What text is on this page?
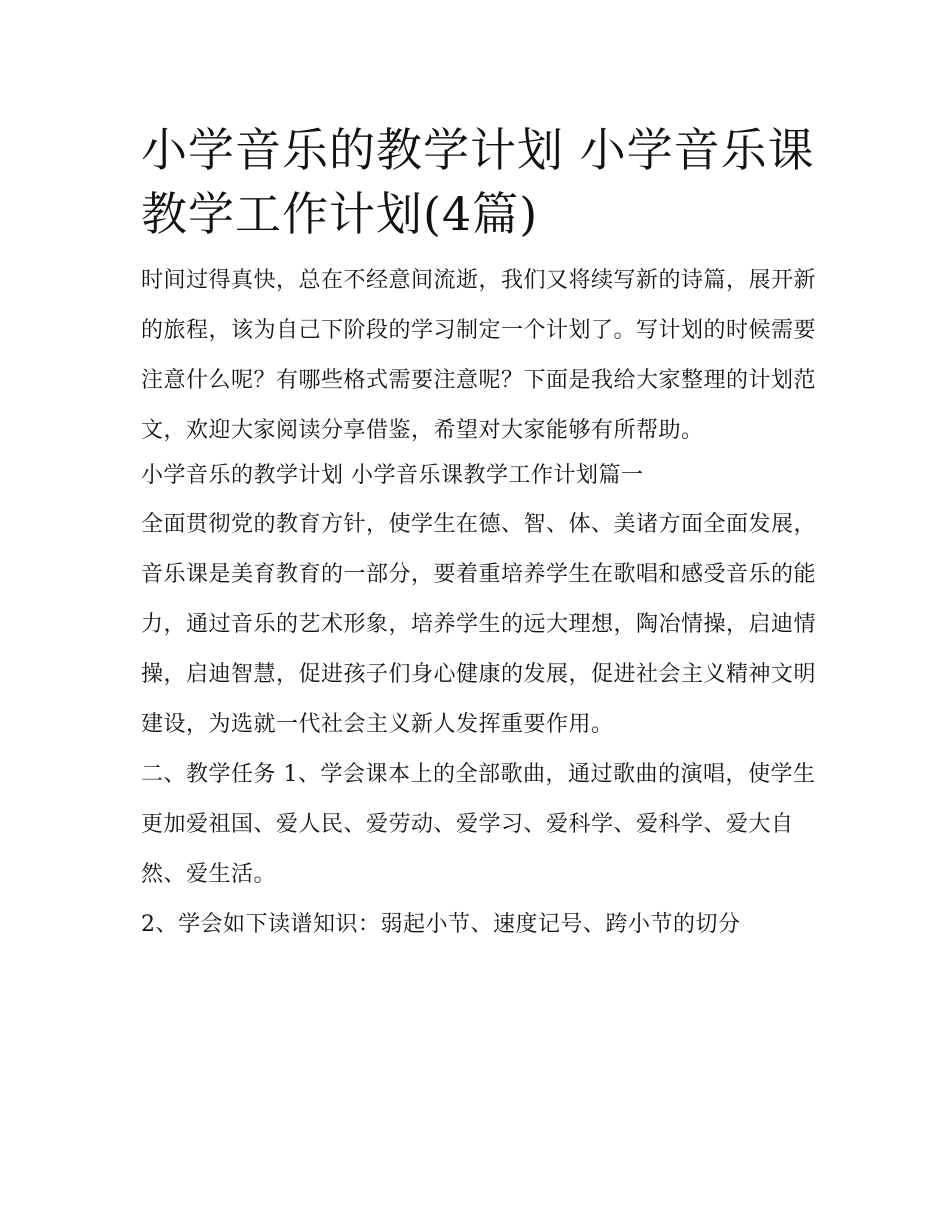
小学音乐的教学计划 小学音乐课教学工作计划(4篇)

时间过得真快，总在不经意间流逝，我们又将续写新的诗篇，展开新的旅程，该为自己下阶段的学习制定一个计划了。写计划的时候需要注意什么呢？有哪些格式需要注意呢？下面是我给大家整理的计划范文，欢迎大家阅读分享借鉴，希望对大家能够有所帮助。

小学音乐的教学计划 小学音乐课教学工作计划篇一

全面贯彻党的教育方针，使学生在德、智、体、美诸方面全面发展，音乐课是美育教育的一部分，要着重培养学生在歌唱和感受音乐的能力，通过音乐的艺术形象，培养学生的远大理想，陶冶情操，启迪情操，启迪智慧，促进孩子们身心健康的发展，促进社会主义精神文明建设，为选就一代社会主义新人发挥重要作用。

二、教学任务 1、学会课本上的全部歌曲，通过歌曲的演唱，使学生更加爱祖国、爱人民、爱劳动、爱学习、爱科学、爱科学、爱大自然、爱生活。

2、学会如下读谱知识：弱起小节、速度记号、跨小节的切分
